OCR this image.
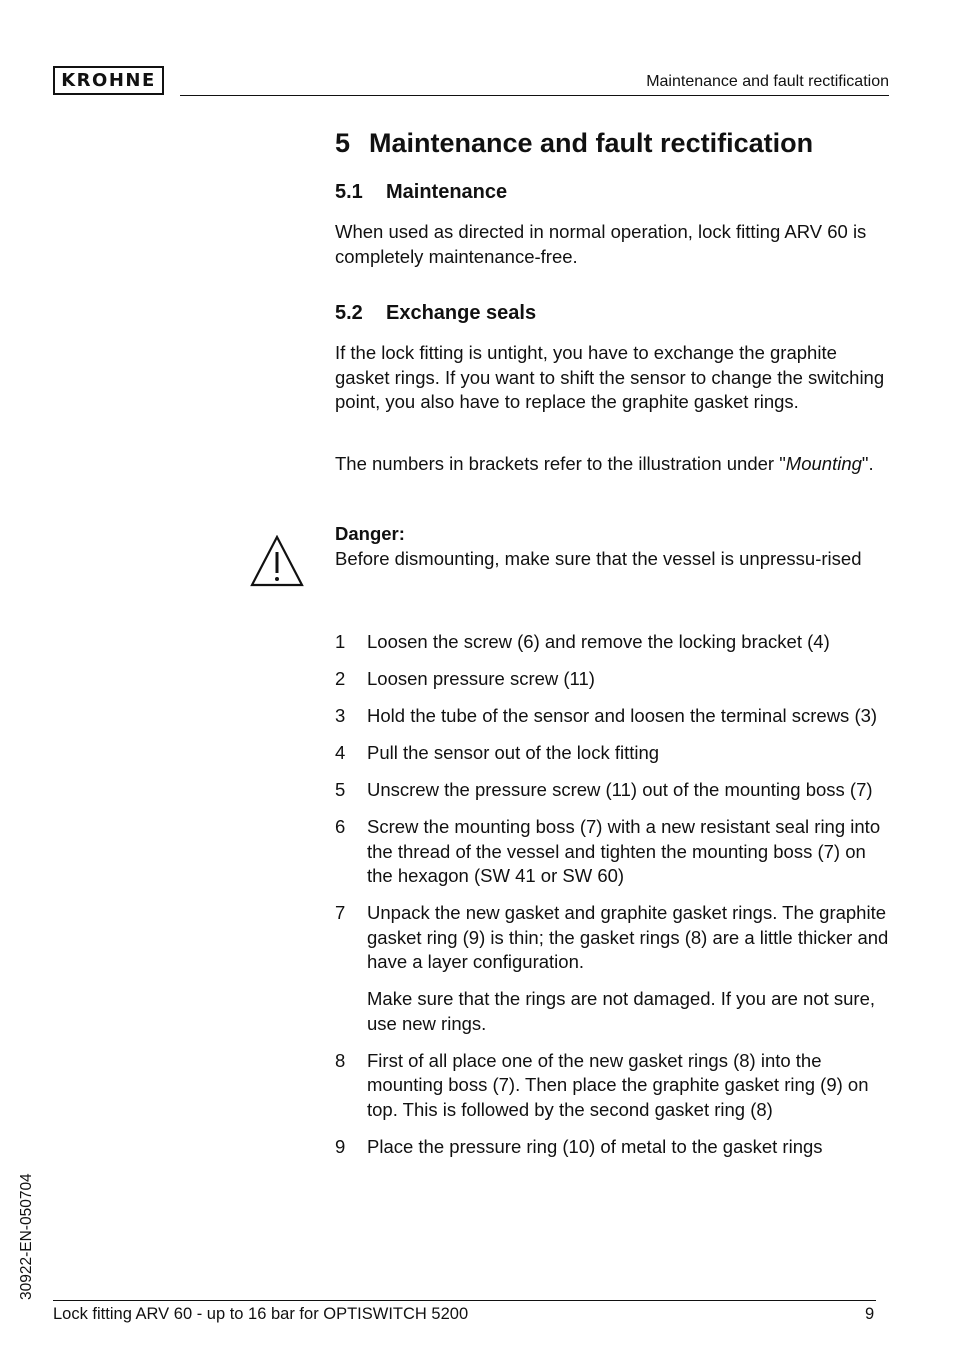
KROHNE	Maintenance and fault rectification
5 Maintenance and fault rectification
5.1 Maintenance

When used as directed in normal operation, lock fitting ARV 60 is completely maintenance-free.

5.2 Exchange seals

If the lock fitting is untight, you have to exchange the graphite gasket rings. If you want to shift the sensor to change the switching point, you also have to replace the graphite gasket rings.

The numbers in brackets refer to the illustration under "Mounting".

Danger:
Before dismounting, make sure that the vessel is unpressu-rised
1	Loosen the screw (6) and remove the locking bracket (4)
2	Loosen pressure screw (11)
3	Hold the tube of the sensor and loosen the terminal screws (3)
4	Pull the sensor out of the lock fitting
5	Unscrew the pressure screw (11) out of the mounting boss (7)
6	Screw the mounting boss (7) with a new resistant seal ring into the thread of the vessel and tighten the mounting boss (7) on the hexagon (SW 41 or SW 60)
7	Unpack the new gasket and graphite gasket rings. The graphite gasket ring (9) is thin; the gasket rings (8) are a little thicker and have a layer configuration.
Make sure that the rings are not damaged. If you are not sure, use new rings.
8	First of all place one of the new gasket rings (8) into the mounting boss (7). Then place the graphite gasket ring (9) on top. This is followed by the second gasket ring (8)
9	Place the pressure ring (10) of metal to the gasket rings
30922-EN-050704
Lock fitting ARV 60 - up to 16 bar for OPTISWITCH 5200	9
